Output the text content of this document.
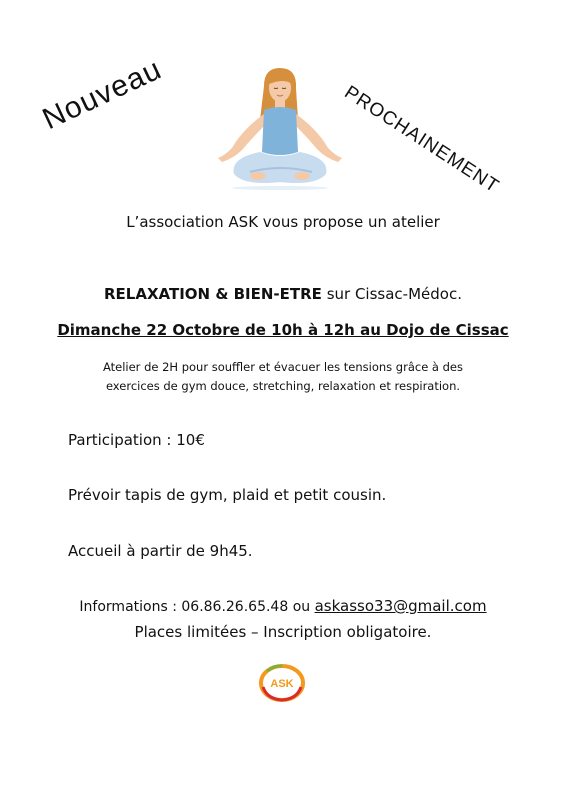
Nouveau	PROCHAINEMENT
L’association ASK vous propose un atelier
RELAXATION & BIEN-ETRE sur Cissac-Médoc.
Dimanche 22 Octobre de 10h à 12h au Dojo de Cissac
Atelier de 2H pour souffler et évacuer les tensions grâce à des
exercices de gym douce, stretching, relaxation et respiration.
Participation : 10€
Prévoir tapis de gym, plaid et petit cousin.
Accueil à partir de 9h45.
Informations : 06.86.26.65.48 ou askasso33@gmail.com
Places limitées – Inscription obligatoire.
ASK
